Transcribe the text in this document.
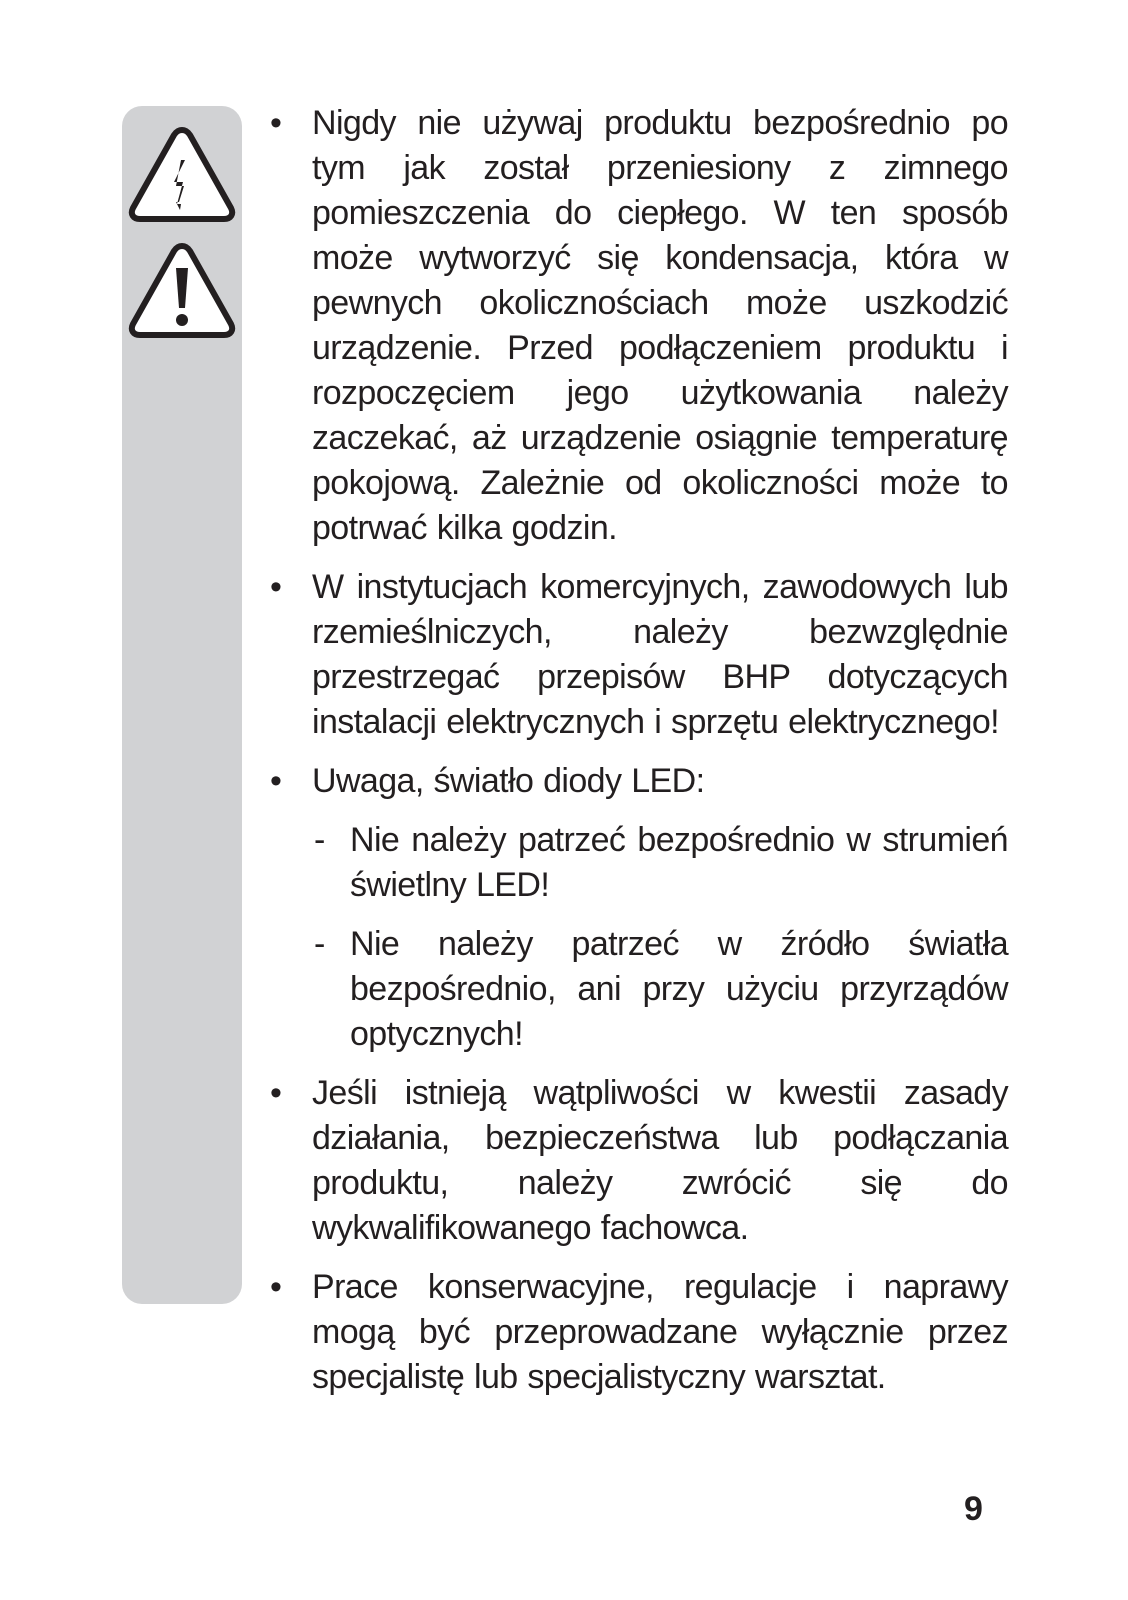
• Nigdy nie używaj produktu bezpośrednio po tym jak został przeniesiony z zimnego pomieszczenia do ciepłego. W ten sposób może wytworzyć się kondensacja, która w pewnych okolicznościach może uszkodzić urządzenie. Przed podłączeniem produktu i rozpoczęciem jego użytkowania należy zaczekać, aż urządzenie osiągnie temperaturę pokojową. Zależnie od okoliczności może to potrwać kilka godzin.
• W instytucjach komercyjnych, zawodowych lub rzemieślniczych, należy bezwzględnie przestrzegać przepisów BHP dotyczących instalacji elektrycznych i sprzętu elektrycznego!
• Uwaga, światło diody LED:
- Nie należy patrzeć bezpośrednio w strumień świetlny LED!
- Nie należy patrzeć w źródło światła bezpośrednio, ani przy użyciu przyrządów optycznych!
• Jeśli istnieją wątpliwości w kwestii zasady działania, bezpieczeństwa lub podłączania produktu, należy zwrócić się do wykwalifikowanego fachowca.
• Prace konserwacyjne, regulacje i naprawy mogą być przeprowadzane wyłącznie przez specjalistę lub specjalistyczny warsztat.
9
